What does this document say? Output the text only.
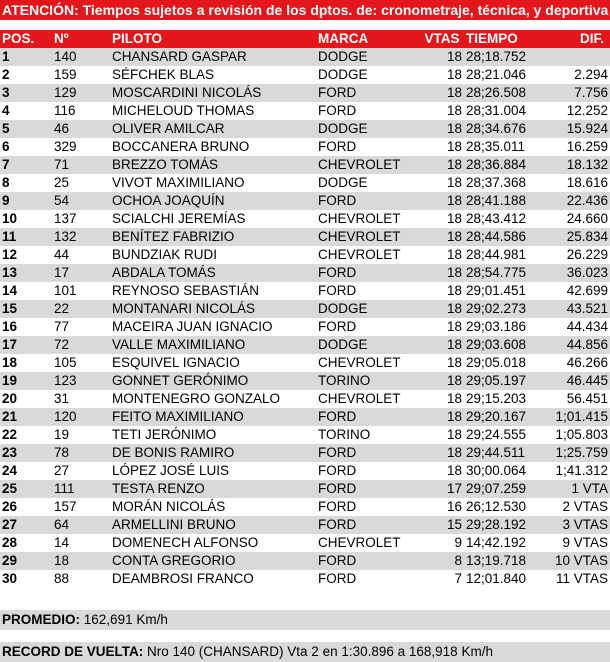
ATENCIÓN: Tiempos sujetos a revisión de los dptos. de: cronometraje, técnica, y deportiva
POS.	Nº	PILOTO	MARCA	VTAS	TIEMPO	DIF.
1	140	CHANSARD GASPAR	DODGE	18	28;18.752	
2	159	SÉFCHEK BLAS	DODGE	18	28;21.046	2.294
3	129	MOSCARDINI NICOLÁS	FORD	18	28;26.508	7.756
4	116	MICHELOUD THOMAS	FORD	18	28;31.004	12.252
5	46	OLIVER AMILCAR	DODGE	18	28;34.676	15.924
6	329	BOCCANERA BRUNO	FORD	18	28;35.011	16.259
7	71	BREZZO TOMÁS	CHEVROLET	18	28;36.884	18.132
8	25	VIVOT MAXIMILIANO	DODGE	18	28;37.368	18.616
9	54	OCHOA JOAQUÍN	FORD	18	28;41.188	22.436
10	137	SCIALCHI JEREMÍAS	CHEVROLET	18	28;43.412	24.660
11	132	BENÍTEZ FABRIZIO	CHEVROLET	18	28;44.586	25.834
12	44	BUNDZIAK RUDI	CHEVROLET	18	28;44.981	26.229
13	17	ABDALA TOMÁS	FORD	18	28;54.775	36.023
14	101	REYNOSO SEBASTIÁN	FORD	18	29;01.451	42.699
15	22	MONTANARI NICOLÁS	DODGE	18	29;02.273	43.521
16	77	MACEIRA JUAN IGNACIO	FORD	18	29;03.186	44.434
17	72	VALLE MAXIMILIANO	DODGE	18	29;03.608	44.856
18	105	ESQUIVEL IGNACIO	CHEVROLET	18	29;05.018	46.266
19	123	GONNET GERÓNIMO	TORINO	18	29;05.197	46.445
20	31	MONTENEGRO GONZALO	CHEVROLET	18	29;15.203	56.451
21	120	FEITO MAXIMILIANO	FORD	18	29;20.167	1;01.415
22	19	TETI JERÓNIMO	TORINO	18	29;24.555	1;05.803
23	78	DE BONIS RAMIRO	FORD	18	29;44.511	1;25.759
24	27	LÓPEZ JOSÉ LUIS	FORD	18	30;00.064	1;41.312
25	111	TESTA RENZO	FORD	17	29;07.259	1 VTA
26	157	MORÁN NICOLÁS	FORD	16	26;12.530	2 VTAS
27	64	ARMELLINI BRUNO	FORD	15	29;28.192	3 VTAS
28	14	DOMENECH ALFONSO	CHEVROLET	9	14;42.192	9 VTAS
29	18	CONTA GREGORIO	FORD	8	13;19.718	10 VTAS
30	88	DEAMBROSI FRANCO	FORD	7	12;01.840	11 VTAS
PROMEDIO: 162,691 Km/h
RECORD DE VUELTA: Nro 140 (CHANSARD) Vta 2 en 1:30.896 a 168,918 Km/h
